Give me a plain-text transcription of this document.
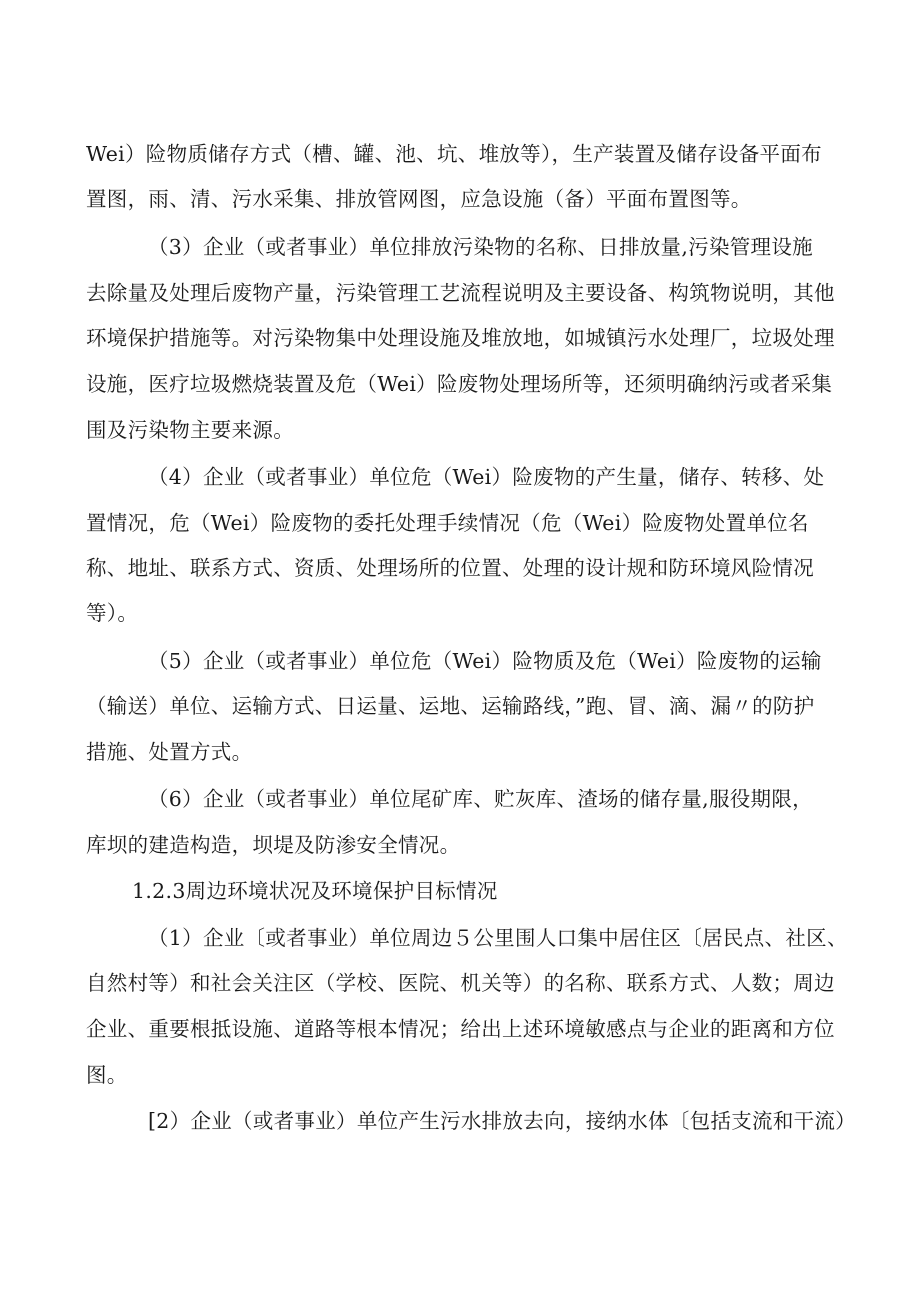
Wei）险物质储存方式（槽、罐、池、坑、堆放等），生产装置及储存设备平面布
置图，雨、清、污水采集、排放管网图，应急设施（备）平面布置图等。
（3）企业（或者事业）单位排放污染物的名称、日排放量,污染管理设施
去除量及处理后废物产量，污染管理工艺流程说明及主要设备、构筑物说明，其他
环境保护措施等。对污染物集中处理设施及堆放地，如城镇污水处理厂，垃圾处理
设施，医疗垃圾燃烧装置及危（Wei）险废物处理场所等，还须明确纳污或者采集
围及污染物主要来源。
（4）企业（或者事业）单位危（Wei）险废物的产生量，储存、转移、处
置情况，危（Wei）险废物的委托处理手续情况（危（Wei）险废物处置单位名
称、地址、联系方式、资质、处理场所的位置、处理的设计规和防环境风险情况
等）。
（5）企业（或者事业）单位危（Wei）险物质及危（Wei）险废物的运输
（输送）单位、运输方式、日运量、运地、运输路线，”跑、冒、滴、漏〃的防护
措施、处置方式。
（6）企业（或者事业）单位尾矿库、贮灰库、渣场的储存量,服役期限，
库坝的建造构造，坝堤及防渗安全情况。
1.2.3周边环境状况及环境保护目标情况
（1）企业〔或者事业）单位周边５公里围人口集中居住区〔居民点、社区、
自然村等）和社会关注区（学校、医院、机关等）的名称、联系方式、人数；周边
企业、重要根抵设施、道路等根本情况；给出上述环境敏感点与企业的距离和方位
图。
[2）企业（或者事业）单位产生污水排放去向，接纳水体〔包括支流和干流）
